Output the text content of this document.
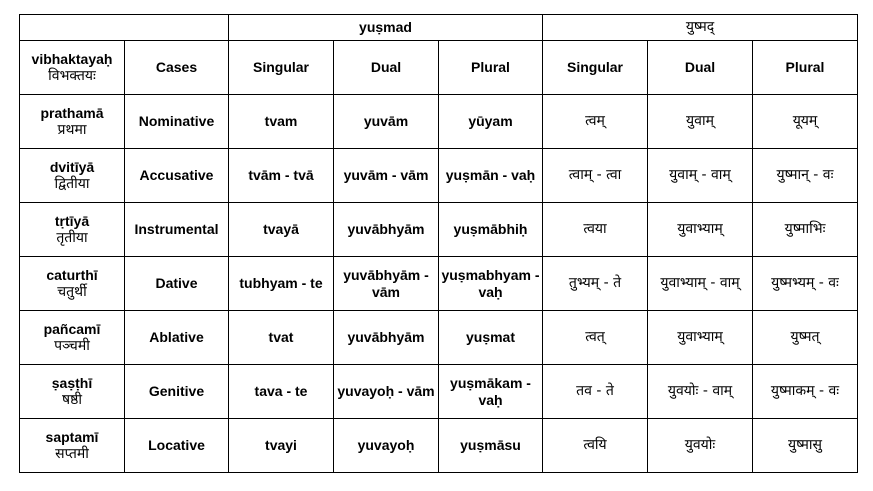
		yuṣmad			युष्मद्		

vibhaktayaḥ
विभक्तयः	Cases	Singular	Dual	Plural	Singular	Dual	Plural

prathamā
प्रथमा	Nominative	tvam	yuvām	yūyam	त्वम्	युवाम्	यूयम्

dvitīyā
द्वितीया	Accusative	tvām - tvā	yuvām - vām	yuṣmān - vaḥ	त्वाम् - त्वा	युवाम् - वाम्	युष्मान् - वः

tṛtīyā
तृतीया	Instrumental	tvayā	yuvābhyām	yuṣmābhiḥ	त्वया	युवाभ्याम्	युष्माभिः

caturthī
चतुर्थी	Dative	tubhyam - te	yuvābhyām - vām	yuṣmabhyam - vaḥ	तुभ्यम् - ते	युवाभ्याम् - वाम्	युष्मभ्यम् - वः

pañcamī
पञ्चमी	Ablative	tvat	yuvābhyām	yuṣmat	त्वत्	युवाभ्याम्	युष्मत्

ṣaṣṭhī
षष्ठी	Genitive	tava - te	yuvayoḥ - vām	yuṣmākam - vaḥ	तव - ते	युवयोः - वाम्	युष्माकम् - वः

saptamī
सप्तमी	Locative	tvayi	yuvayoḥ	yuṣmāsu	त्वयि	युवयोः	युष्मासु
